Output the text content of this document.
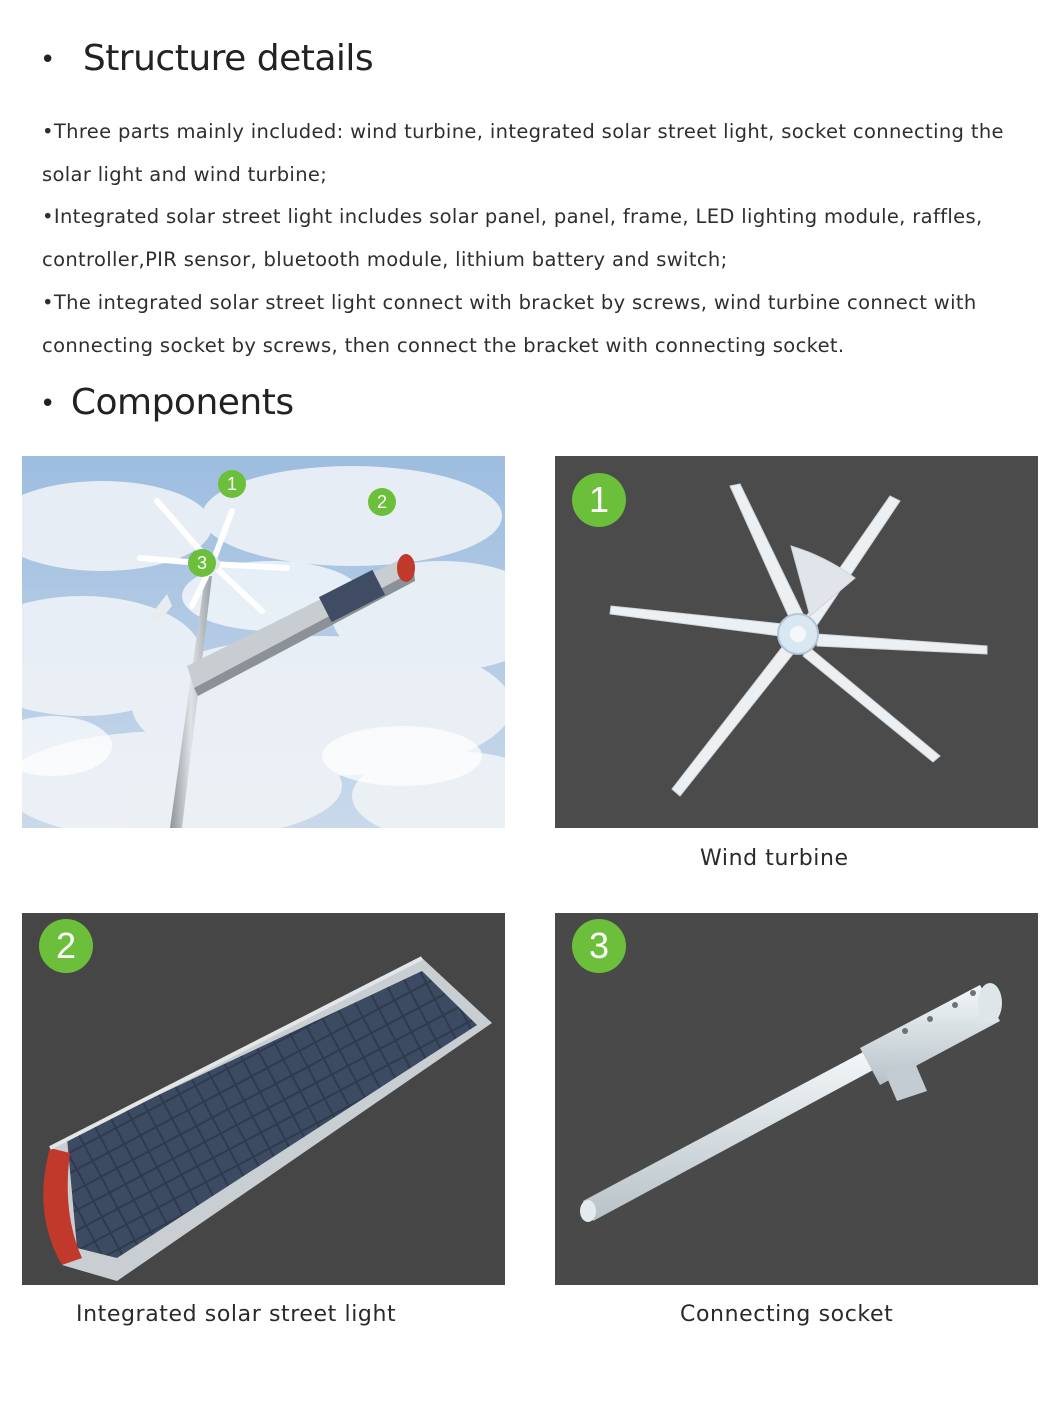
• Structure details

•Three parts mainly included: wind turbine, integrated solar street light, socket connecting the solar light and wind turbine;

•Integrated solar street light includes solar panel, panel, frame, LED lighting module, raffles, controller,PIR sensor, bluetooth module, lithium battery and switch;

•The integrated solar street light connect with bracket by screws, wind turbine connect with connecting socket by screws, then connect the bracket with connecting socket.

• Components
1
2
3
1

Wind turbine

2

Integrated solar street light

3

Connecting socket
